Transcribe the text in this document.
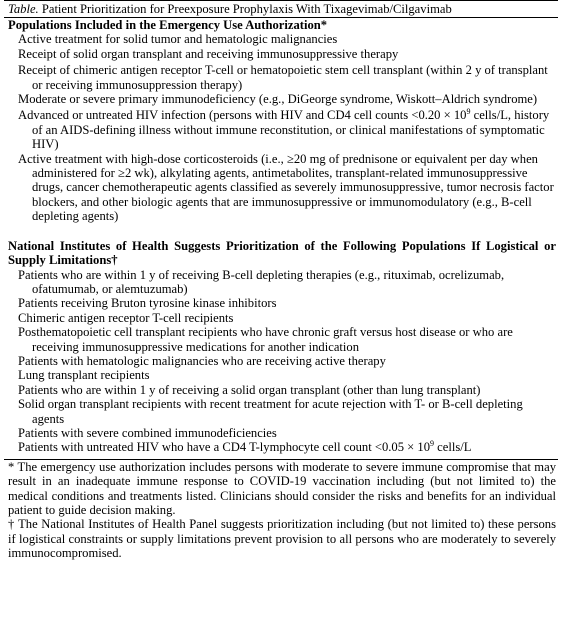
Table. Patient Prioritization for Preexposure Prophylaxis With Tixagevimab/Cilgavimab
Populations Included in the Emergency Use Authorization*

Active treatment for solid tumor and hematologic malignancies

Receipt of solid organ transplant and receiving immunosuppressive therapy

Receipt of chimeric antigen receptor T-cell or hematopoietic stem cell transplant (within 2 y of transplant or receiving immunosuppression therapy)

Moderate or severe primary immunodeficiency (e.g., DiGeorge syndrome, Wiskott–Aldrich syndrome)

Advanced or untreated HIV infection (persons with HIV and CD4 cell counts $<0.20 \times 10^9$ cells/L, history of an AIDS-defining illness without immune reconstitution, or clinical manifestations of symptomatic HIV)

Active treatment with high-dose corticosteroids (i.e., ≥20 mg of prednisone or equivalent per day when administered for ≥2 wk), alkylating agents, antimetabolites, transplant-related immunosuppressive drugs, cancer chemotherapeutic agents classified as severely immunosuppressive, tumor necrosis factor blockers, and other biologic agents that are immunosuppressive or immunomodulatory (e.g., B-cell depleting agents)

National Institutes of Health Suggests Prioritization of the Following Populations If Logistical or Supply Limitations†

Patients who are within 1 y of receiving B-cell depleting therapies (e.g., rituximab, ocrelizumab, ofatumumab, or alemtuzumab)

Patients receiving Bruton tyrosine kinase inhibitors

Chimeric antigen receptor T-cell recipients

Posthematopoietic cell transplant recipients who have chronic graft versus host disease or who are receiving immunosuppressive medications for another indication

Patients with hematologic malignancies who are receiving active therapy

Lung transplant recipients

Patients who are within 1 y of receiving a solid organ transplant (other than lung transplant)

Solid organ transplant recipients with recent treatment for acute rejection with T- or B-cell depleting agents

Patients with severe combined immunodeficiencies

Patients with untreated HIV who have a CD4 T-lymphocyte cell count $<0.05 \times 10^9$ cells/L

* The emergency use authorization includes persons with moderate to severe immune compromise that may result in an inadequate immune response to COVID-19 vaccination including (but not limited to) the medical conditions and treatments listed. Clinicians should consider the risks and benefits for an individual patient to guide decision making.

† The National Institutes of Health Panel suggests prioritization including (but not limited to) these persons if logistical constraints or supply limitations prevent provision to all persons who are moderately to severely immunocompromised.
